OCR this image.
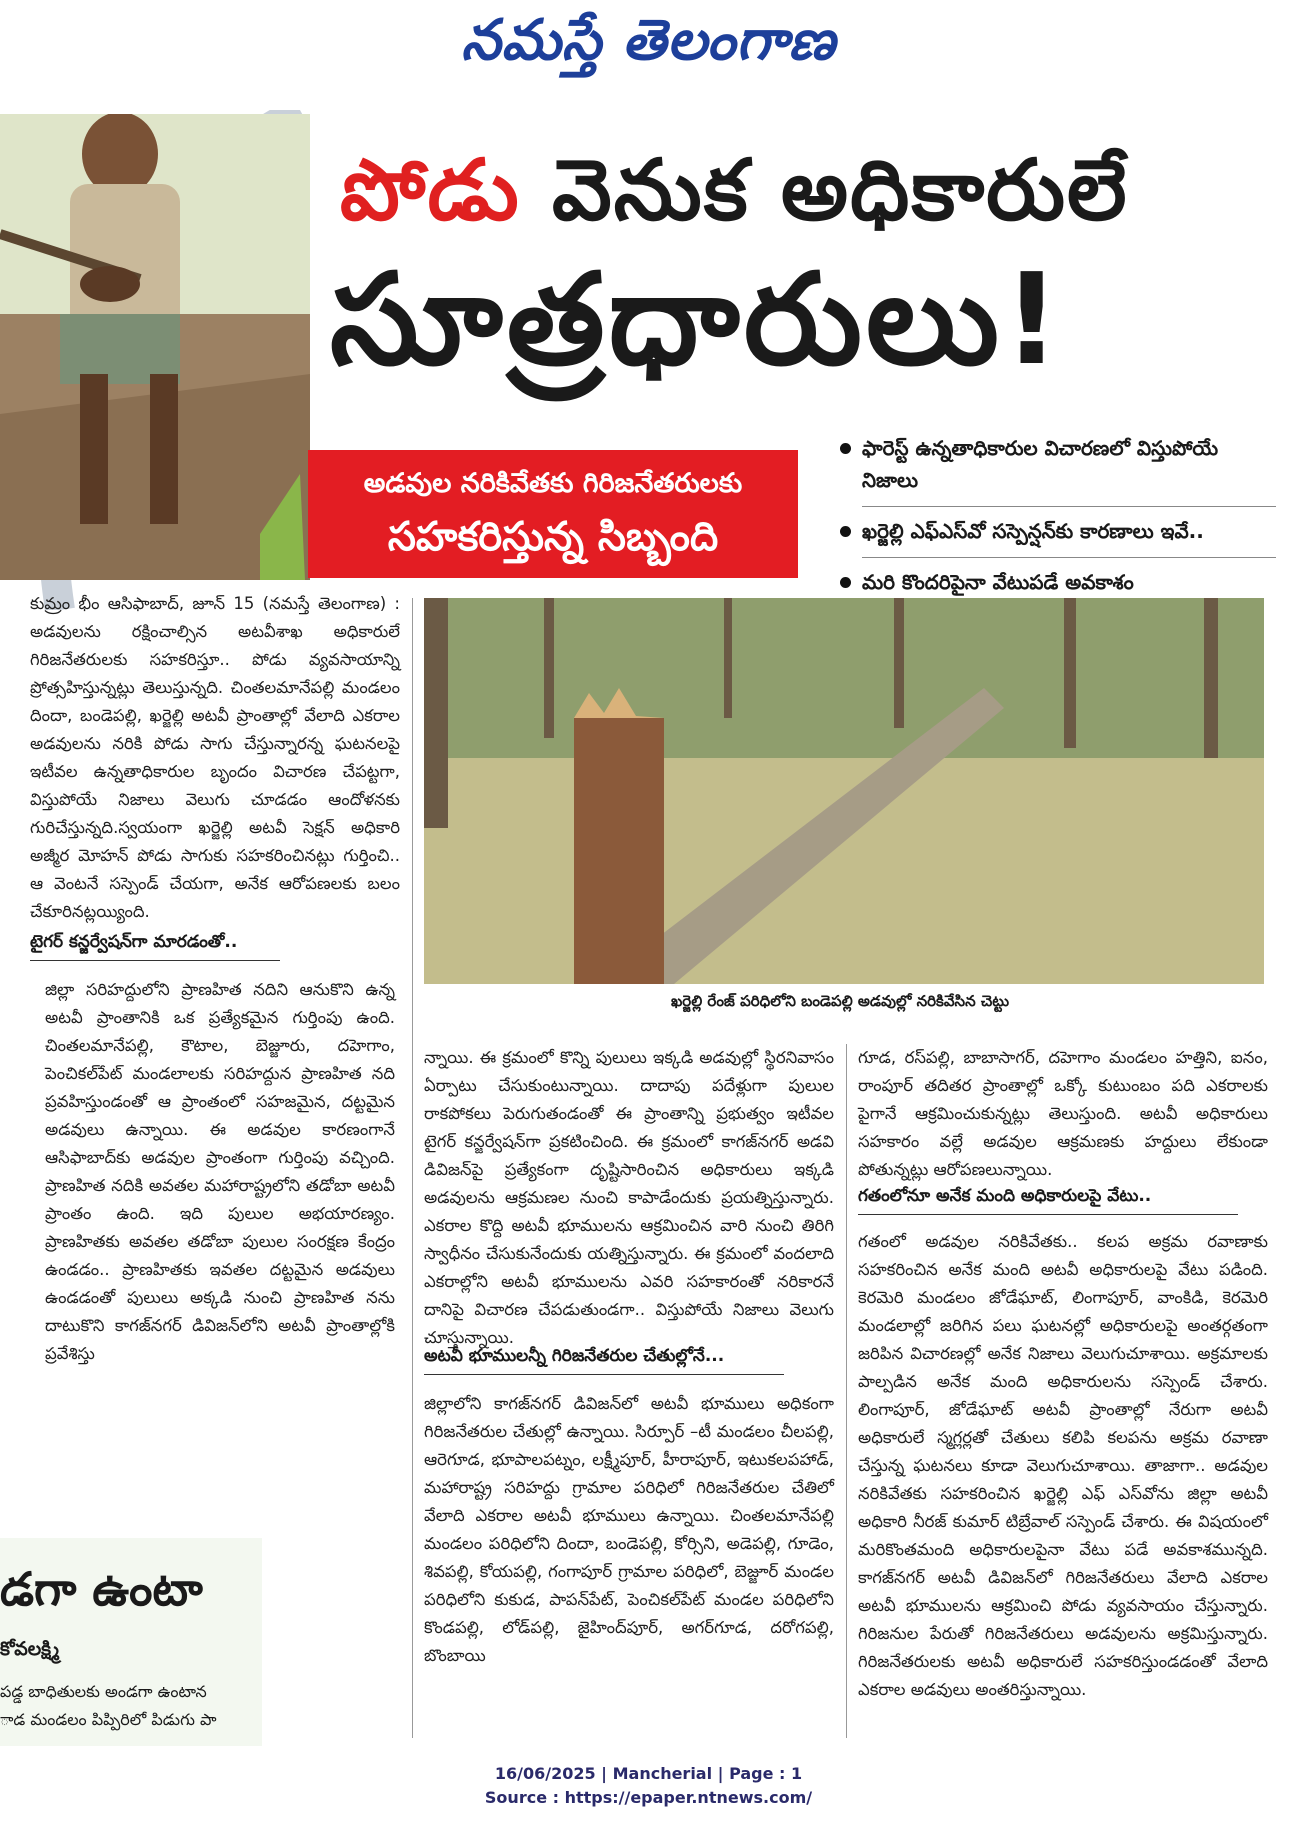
నమస్తే తెలంగాణ
పోడు వెనుక అధికారులే
సూత్రధారులు!
అడవుల నరికివేతకు గిరిజనేతరులకు
సహకరిస్తున్న సిబ్బంది
ఫారెస్ట్ ఉన్నతాధికారుల విచారణలో విస్తుపోయే నిజాలు
ఖర్జెల్లి ఎఫ్ఎస్‌వో సస్పెన్షన్‌కు కారణాలు ఇవే..
మరి కొందరిపైనా వేటుపడే అవకాశం
కుమ్రం భీం ఆసిఫాబాద్, జూన్ 15 (నమస్తే తెలంగాణ) : అడవులను రక్షించాల్సిన అటవీశాఖ అధికారులే గిరిజనేతరులకు సహకరిస్తూ.. పోడు వ్యవసాయాన్ని ప్రోత్సహిస్తున్నట్లు తెలుస్తున్నది. చింతలమానేపల్లి మండలం దిందా, బండెపల్లి, ఖర్జెల్లి అటవీ ప్రాంతాల్లో వేలాది ఎకరాల అడవులను నరికి పోడు సాగు చేస్తున్నారన్న ఘటనలపై ఇటీవల ఉన్నతాధికారుల బృందం విచారణ చేపట్టగా, విస్తుపోయే నిజాలు వెలుగు చూడడం ఆందోళనకు గురిచేస్తున్నది.స్వయంగా ఖర్జెల్లి అటవీ సెక్షన్ అధికారి అజ్మీర మోహన్ పోడు సాగుకు సహకరించినట్లు గుర్తించి.. ఆ వెంటనే సస్పెండ్ చేయగా, అనేక ఆరోపణలకు బలం చేకూరినట్లయ్యింది.
టైగర్ కన్జర్వేషన్‌గా మారడంతో..
జిల్లా సరిహద్దులోని ప్రాణహిత నదిని ఆనుకొని ఉన్న అటవీ ప్రాంతానికి ఒక ప్రత్యేకమైన గుర్తింపు ఉంది. చింతలమానేపల్లి, కౌటాల, బెజ్జూరు, దహెగాం, పెంచికల్‌పేట్ మండలాలకు సరిహద్దున ప్రాణహిత నది ప్రవహిస్తుండంతో ఆ ప్రాంతంలో సహజమైన, దట్టమైన అడవులు ఉన్నాయి. ఈ అడవుల కారణంగానే ఆసిఫాబాద్‌కు అడవుల ప్రాంతంగా గుర్తింపు వచ్చింది. ప్రాణహిత నదికి అవతల మహారాష్ట్రలోని తడోబా అటవీ ప్రాంతం ఉంది. ఇది పులుల అభయారణ్యం. ప్రాణహితకు అవతల తడోబా పులుల సంరక్షణ కేంద్రం ఉండడం.. ప్రాణహితకు ఇవతల దట్టమైన అడవులు ఉండడంతో పులులు అక్కడి నుంచి ప్రాణహిత నను దాటుకొని కాగజ్‌నగర్ డివిజన్‌లోని అటవీ ప్రాంతాల్లోకి ప్రవేశిస్తు
ఖర్జెల్లి రేంజ్ పరిధిలోని బండెపల్లి అడవుల్లో నరికివేసిన చెట్టు
న్నాయి. ఈ క్రమంలో కొన్ని పులులు ఇక్కడి అడవుల్లో స్థిరనివాసం ఏర్పాటు చేసుకుంటున్నాయి. దాదాపు పదేళ్లుగా పులుల రాకపోకలు పెరుగుతండంతో ఈ ప్రాంతాన్ని ప్రభుత్వం ఇటీవల టైగర్ కన్జర్వేషన్‌గా ప్రకటించింది. ఈ క్రమంలో కాగజ్‌నగర్ అడవి డివిజన్‌పై ప్రత్యేకంగా దృష్టిసారించిన అధికారులు ఇక్కడి అడవులను ఆక్రమణల నుంచి కాపాడేందుకు ప్రయత్నిస్తున్నారు. ఎకరాల కొద్ది అటవీ భూములను ఆక్రమించిన వారి నుంచి తిరిగి స్వాధీనం చేసుకునేందుకు యత్నిస్తున్నారు. ఈ క్రమంలో వందలాది ఎకరాల్లోని అటవీ భూములను ఎవరి సహకారంతో నరికారనే దానిపై విచారణ చేపడుతుండగా.. విస్తుపోయే నిజాలు వెలుగు చూస్తున్నాయి.
అటవీ భూములన్నీ గిరిజనేతరుల చేతుల్లోనే...
జిల్లాలోని కాగజ్‌నగర్ డివిజన్‌లో అటవీ భూములు అధికంగా గిరిజనేతరుల చేతుల్లో ఉన్నాయి. సిర్పూర్ –టీ మండలం చీలపల్లి, ఆరెగూడ, భూపాలపట్నం, లక్ష్మీపూర్, హీరాపూర్, ఇటుకలపహాడ్, మహారాష్ట్ర సరిహద్దు గ్రామాల పరిధిలో గిరిజనేతరుల చేతిలో వేలాది ఎకరాల అటవీ భూములు ఉన్నాయి. చింతలమానేపల్లి మండలం పరిధిలోని దిందా, బండెపల్లి, కోర్సిని, అడెపల్లి, గూడెం, శివపల్లి, కోయపల్లి, గంగాపూర్ గ్రామాల పరిధిలో, బెజ్జూర్ మండల పరిధిలోని కుకుడ, పాపన్‌పేట్, పెంచికల్‌పేట్ మండల పరిధిలోని కొండపల్లి, లోడ్‌పల్లి, జైహింద్‌పూర్, అగర్‌గూడ, దరోగపల్లి, బొంబాయి
గూడ, రస్‌పల్లి, బాబాసాగర్, దహెగాం మండలం హత్తిని, ఐనం, రాంపూర్ తదితర ప్రాంతాల్లో ఒక్కో కుటుంబం పది ఎకరాలకు పైగానే ఆక్రమించుకున్నట్లు తెలుస్తుంది. అటవీ అధికారులు సహకారం వల్లే అడవుల ఆక్రమణకు హద్దులు లేకుండా పోతున్నట్లు ఆరోపణలున్నాయి.
గతంలోనూ అనేక మంది అధికారులపై వేటు..
గతంలో అడవుల నరికివేతకు.. కలప అక్రమ రవాణాకు సహకరించిన అనేక మంది అటవీ అధికారులపై వేటు పడింది. కెరమెరి మండలం జోడేఘాట్, లింగాపూర్, వాంకిడి, కెరమెరి మండలాల్లో జరిగిన పలు ఘటనల్లో అధికారులపై అంతర్గతంగా జరిపిన విచారణల్లో అనేక నిజాలు వెలుగుచూశాయి. అక్రమాలకు పాల్పడిన అనేక మంది అధికారులను సస్పెండ్ చేశారు. లింగాపూర్, జోడేఘాట్ అటవీ ప్రాంతాల్లో నేరుగా అటవీ అధికారులే స్మగ్లర్లతో చేతులు కలిపి కలపను అక్రమ రవాణా చేస్తున్న ఘటనలు కూడా వెలుగుచూశాయి. తాజాగా.. అడవుల నరికివేతకు సహకరించిన ఖర్జెల్లి ఎఫ్ ఎస్‌వోను జిల్లా అటవీ అధికారి నీరజ్ కుమార్ టిబ్రేవాల్ సస్పెండ్ చేశారు. ఈ విషయంలో మరికొంతమంది అధికారులపైనా వేటు పడే అవకాశమున్నది. కాగజ్‌నగర్ అటవీ డివిజన్‌లో గిరిజనేతరులు వేలాది ఎకరాల అటవీ భూములను ఆక్రమించి పోడు వ్యవసాయం చేస్తున్నారు. గిరిజనుల పేరుతో గిరిజనేతరులు అడవులను అక్రమిస్తున్నారు. గిరిజనేతరులకు అటవీ అధికారులే సహకరిస్తుండడంతో వేలాది ఎకరాల అడవులు అంతరిస్తున్నాయి.
డగా ఉంటా
కోవలక్ష్మి
పడ్డ బాధితులకు అండగా ఉంటాన
ాడ మండలం పిప్పిరిలో పిడుగు పా
16/06/2025 | Mancherial | Page : 1
Source : https://epaper.ntnews.com/
